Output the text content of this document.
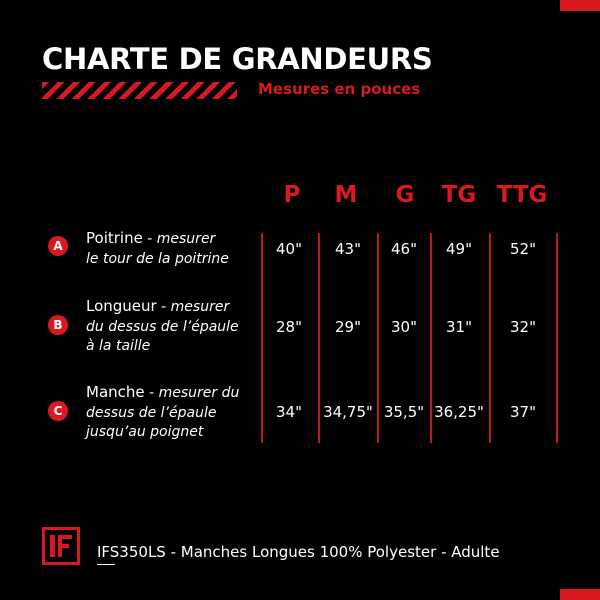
CHARTE DE GRANDEURS
Mesures en pouces
P M G TG TTG
A	Poitrine - mesurer
le tour de la poitrine
40" 43" 46" 49"	52"
B
Longueur - mesurer
du dessus de l’épaule
à la taille
28" 29" 30" 31"	32"
C
Manche - mesurer du
dessus de l’épaule
jusqu’au poignet
34" 34,75" 35,5" 36,25" 37"
IFS350LS - Manches Longues 100% Polyester - Adulte
